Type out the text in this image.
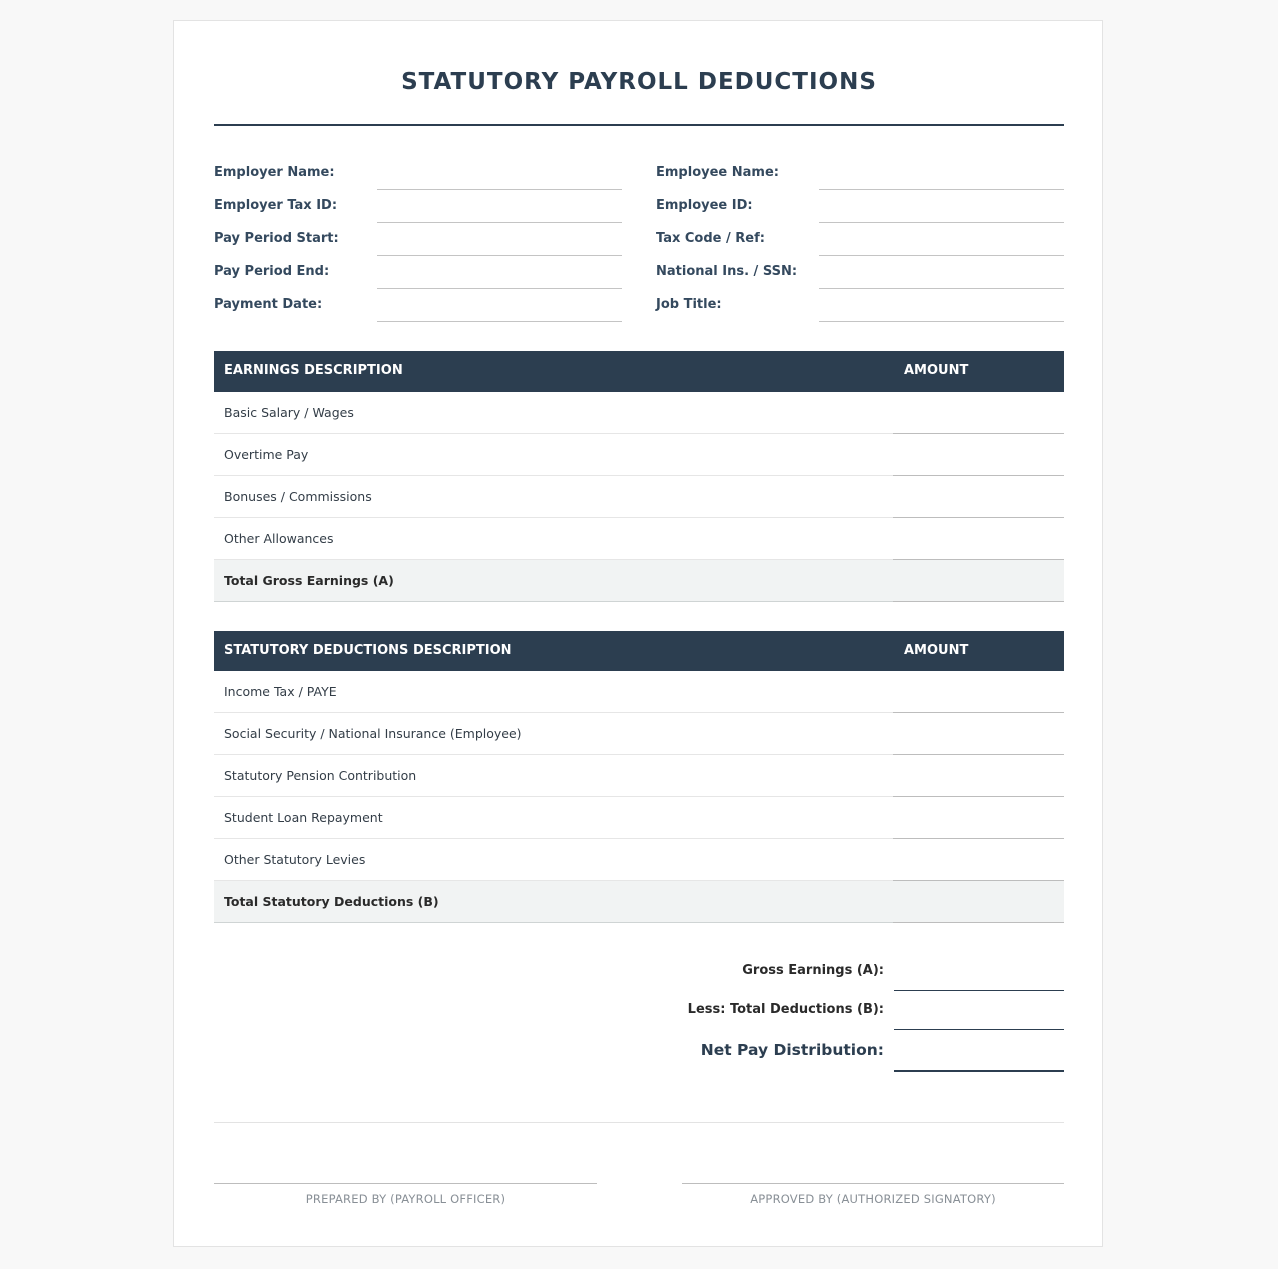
STATUTORY PAYROLL DEDUCTIONS
Employer Name:
Employer Tax ID:
Pay Period Start:
Pay Period End:
Payment Date:
Employee Name:
Employee ID:
Tax Code / Ref:
National Ins. / SSN:
Job Title:
EARNINGS DESCRIPTION	AMOUNT
Basic Salary / Wages
Overtime Pay
Bonuses / Commissions
Other Allowances
Total Gross Earnings (A)
STATUTORY DEDUCTIONS DESCRIPTION	AMOUNT
Income Tax / PAYE
Social Security / National Insurance (Employee)
Statutory Pension Contribution
Student Loan Repayment
Other Statutory Levies
Total Statutory Deductions (B)
Gross Earnings (A):
Less: Total Deductions (B):
Net Pay Distribution:
PREPARED BY (PAYROLL OFFICER)	APPROVED BY (AUTHORIZED SIGNATORY)
